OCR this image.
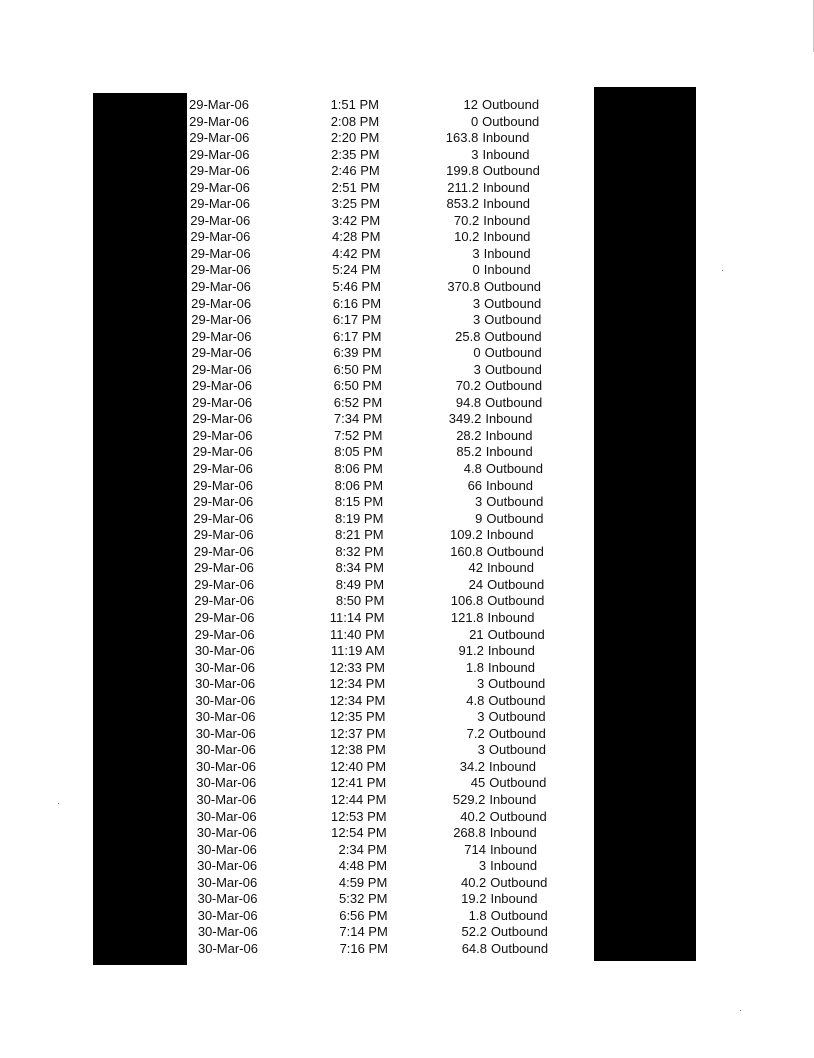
29-Mar-06	1:51 PM	12 Outbound
29-Mar-06	2:08 PM	0 Outbound
29-Mar-06	2:20 PM	163.8 Inbound
29-Mar-06	2:35 PM	3 Inbound
29-Mar-06	2:46 PM	199.8 Outbound
29-Mar-06	2:51 PM	211.2 Inbound
29-Mar-06	3:25 PM	853.2 Inbound
29-Mar-06	3:42 PM	70.2 Inbound
29-Mar-06	4:28 PM	10.2 Inbound
29-Mar-06	4:42 PM	3 Inbound
29-Mar-06	5:24 PM	0 Inbound
29-Mar-06	5:46 PM	370.8 Outbound
29-Mar-06	6:16 PM	3 Outbound
29-Mar-06	6:17 PM	3 Outbound
29-Mar-06	6:17 PM	25.8 Outbound
29-Mar-06	6:39 PM	0 Outbound
29-Mar-06	6:50 PM	3 Outbound
29-Mar-06	6:50 PM	70.2 Outbound
29-Mar-06	6:52 PM	94.8 Outbound
29-Mar-06	7:34 PM	349.2 Inbound
29-Mar-06	7:52 PM	28.2 Inbound
29-Mar-06	8:05 PM	85.2 Inbound
29-Mar-06	8:06 PM	4.8 Outbound
29-Mar-06	8:06 PM	66 Inbound
29-Mar-06	8:15 PM	3 Outbound
29-Mar-06	8:19 PM	9 Outbound
29-Mar-06	8:21 PM	109.2 Inbound
29-Mar-06	8:32 PM	160.8 Outbound
29-Mar-06	8:34 PM	42 Inbound
29-Mar-06	8:49 PM	24 Outbound
29-Mar-06	8:50 PM	106.8 Outbound
29-Mar-06	11:14 PM	121.8 Inbound
29-Mar-06	11:40 PM	21 Outbound
30-Mar-06	11:19 AM	91.2 Inbound
30-Mar-06	12:33 PM	1.8 Inbound
30-Mar-06	12:34 PM	3 Outbound
30-Mar-06	12:34 PM	4.8 Outbound
30-Mar-06	12:35 PM	3 Outbound
30-Mar-06	12:37 PM	7.2 Outbound
30-Mar-06	12:38 PM	3 Outbound
30-Mar-06	12:40 PM	34.2 Inbound
30-Mar-06	12:41 PM	45 Outbound
30-Mar-06	12:44 PM	529.2 Inbound
30-Mar-06	12:53 PM	40.2 Outbound
30-Mar-06	12:54 PM	268.8 Inbound
30-Mar-06	2:34 PM	714 Inbound
30-Mar-06	4:48 PM	3 Inbound
30-Mar-06	4:59 PM	40.2 Outbound
30-Mar-06	5:32 PM	19.2 Inbound
30-Mar-06	6:56 PM	1.8 Outbound
30-Mar-06	7:14 PM	52.2 Outbound
30-Mar-06	7:16 PM	64.8 Outbound
